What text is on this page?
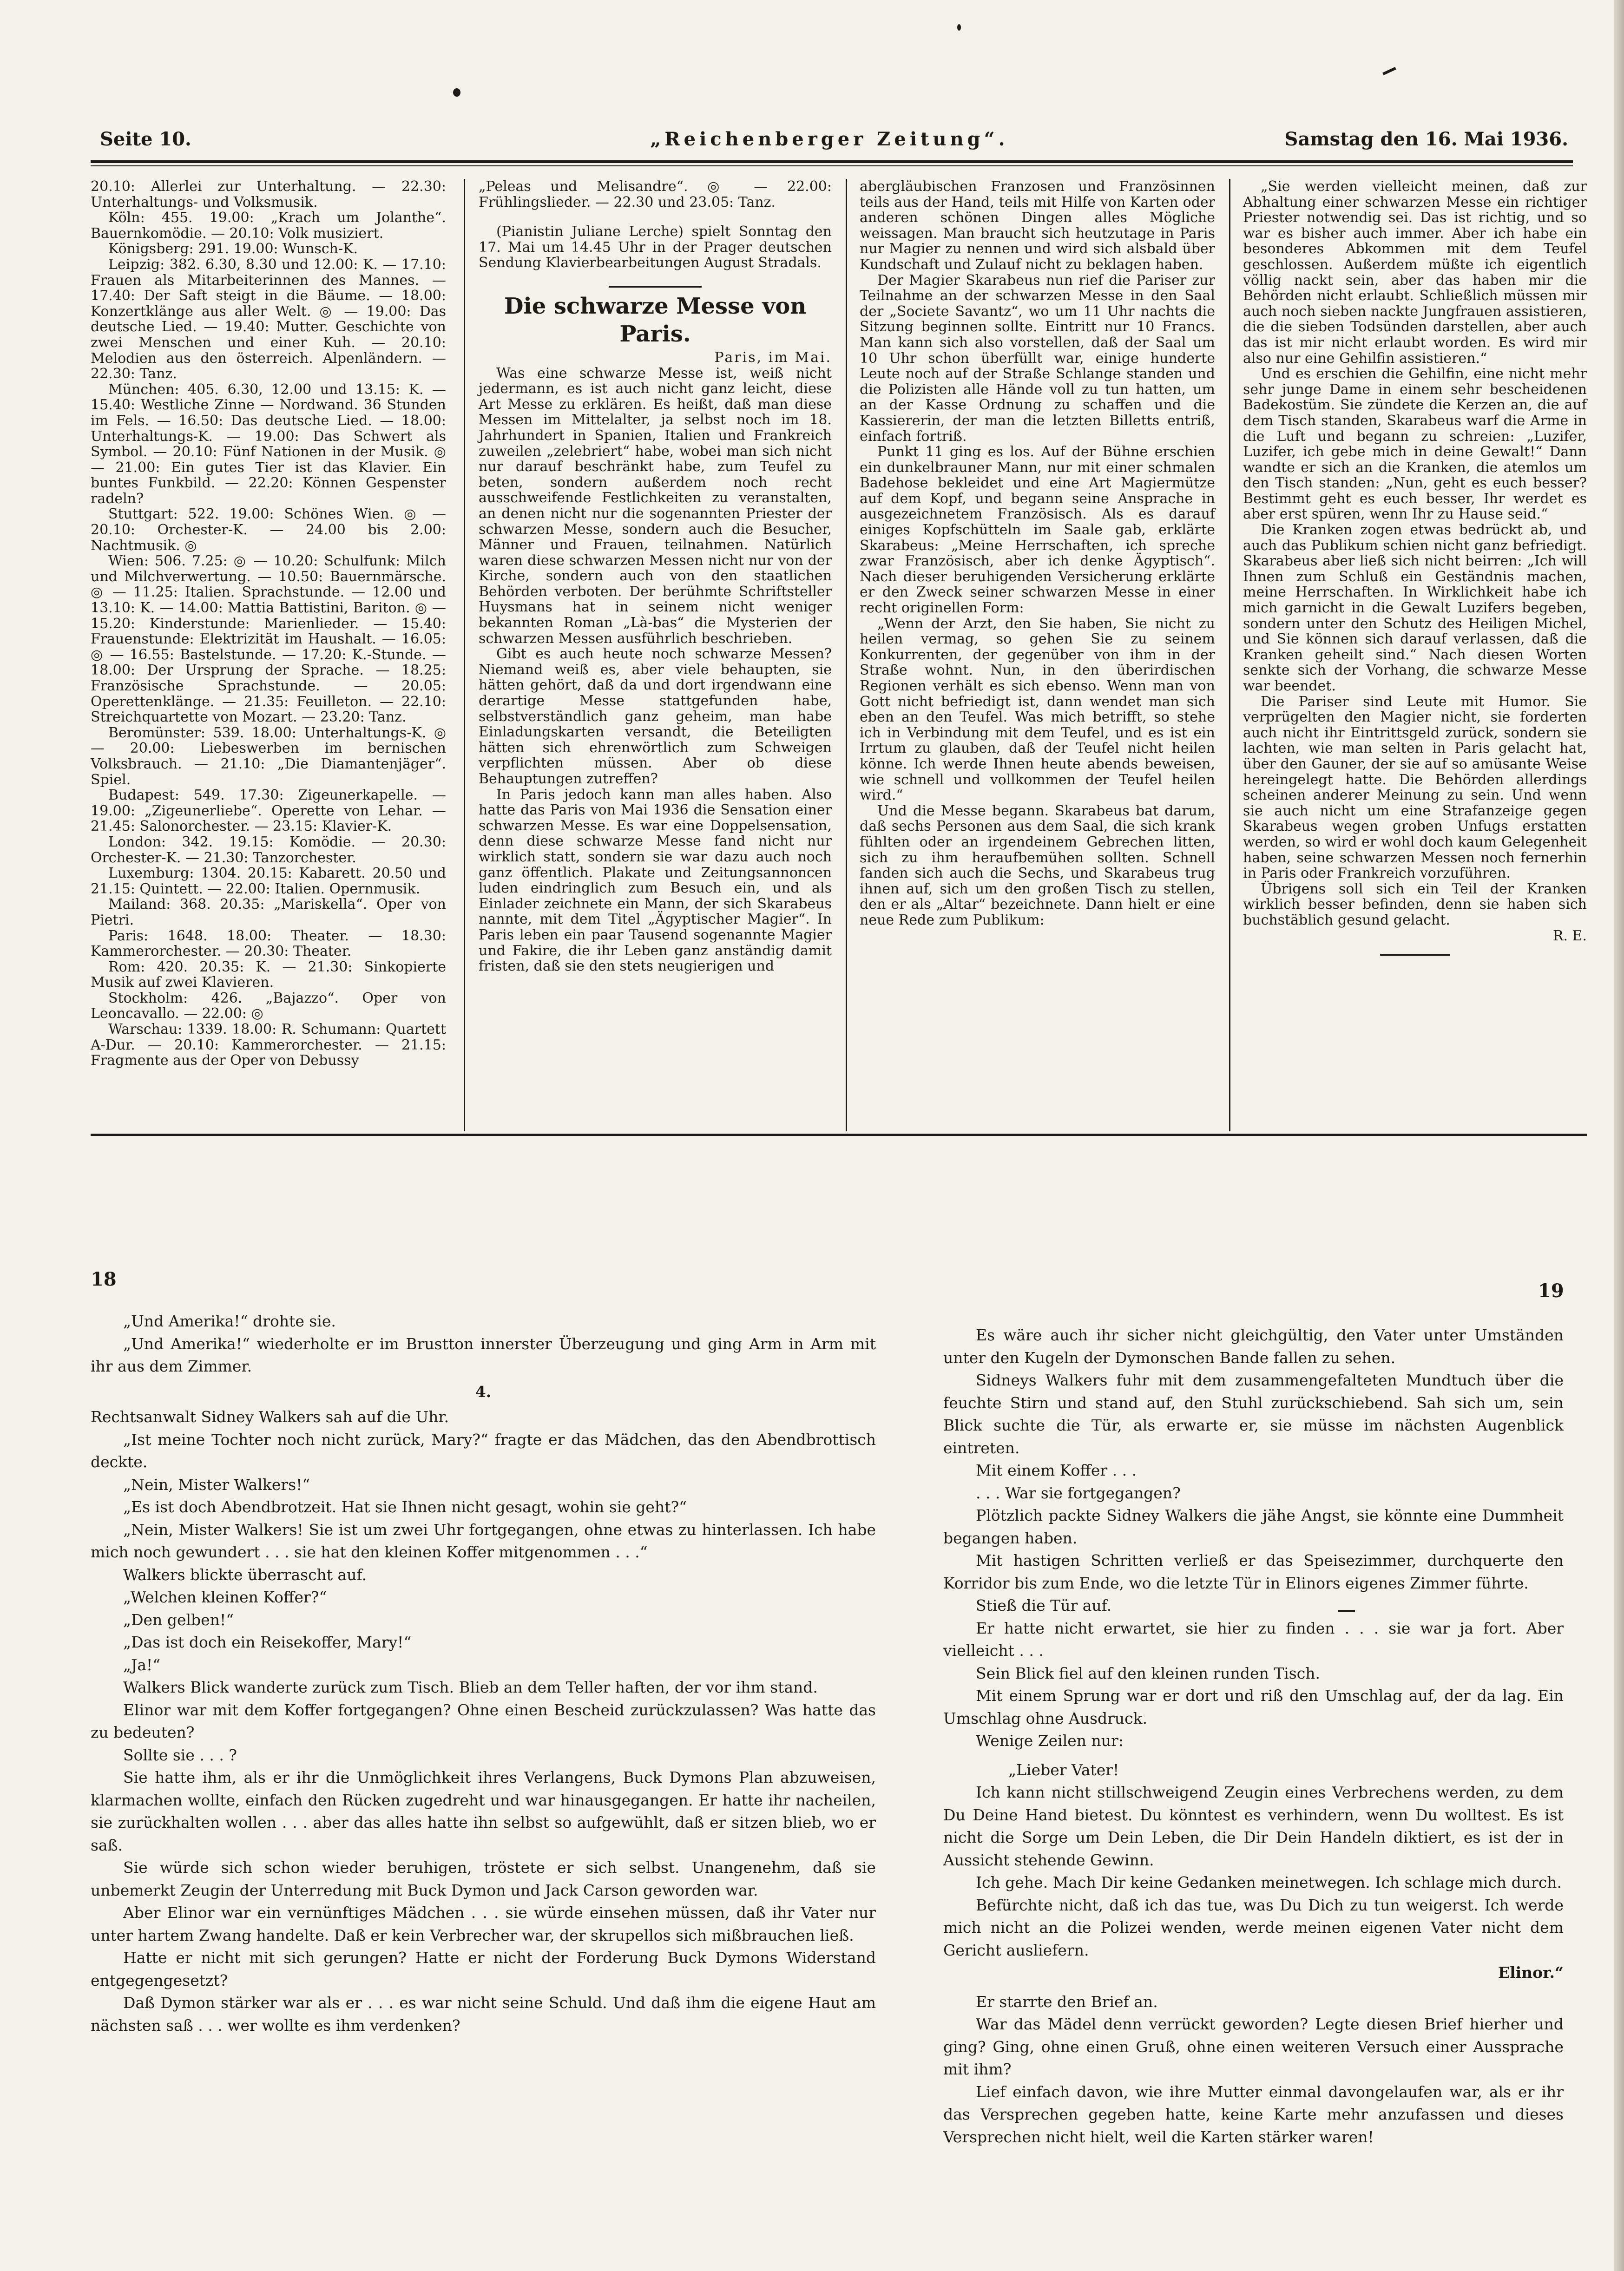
Seite 10.	„Reichenberger Zeitung“.	Samstag den 16. Mai 1936.

20.10: Allerlei zur Unterhaltung. — 22.30: Unterhaltungs- und Volksmusik.

Köln: 455. 19.00: „Krach um Jolanthe“. Bauernkomödie. — 20.10: Volk musiziert.

Königsberg: 291. 19.00: Wunsch-K.

Leipzig: 382. 6.30, 8.30 und 12.00: K. — 17.10: Frauen als Mitarbeiterinnen des Mannes. — 17.40: Der Saft steigt in die Bäume. — 18.00: Konzertklänge aus aller Welt. ◎ — 19.00: Das deutsche Lied. — 19.40: Mutter. Geschichte von zwei Menschen und einer Kuh. — 20.10: Melodien aus den österreich. Alpenländern. — 22.30: Tanz.

München: 405. 6.30, 12.00 und 13.15: K. — 15.40: Westliche Zinne — Nordwand. 36 Stunden im Fels. — 16.50: Das deutsche Lied. — 18.00: Unterhaltungs-K. — 19.00: Das Schwert als Symbol. — 20.10: Fünf Nationen in der Musik. ◎ — 21.00: Ein gutes Tier ist das Klavier. Ein buntes Funkbild. — 22.20: Können Gespenster radeln?

Stuttgart: 522. 19.00: Schönes Wien. ◎ — 20.10: Orchester-K. — 24.00 bis 2.00: Nachtmusik. ◎

Wien: 506. 7.25: ◎ — 10.20: Schulfunk: Milch und Milchverwertung. — 10.50: Bauernmärsche. ◎ — 11.25: Italien. Sprachstunde. — 12.00 und 13.10: K. — 14.00: Mattia Battistini, Bariton. ◎ — 15.20: Kinderstunde: Marienlieder. — 15.40: Frauenstunde: Elektrizität im Haushalt. — 16.05: ◎ — 16.55: Bastelstunde. — 17.20: K.-Stunde. — 18.00: Der Ursprung der Sprache. — 18.25: Französische Sprachstunde. — 20.05: Operettenklänge. — 21.35: Feuilleton. — 22.10: Streichquartette von Mozart. — 23.20: Tanz.

Beromünster: 539. 18.00: Unterhaltungs-K. ◎ — 20.00: Liebeswerben im bernischen Volksbrauch. — 21.10: „Die Diamantenjäger“. Spiel.

Budapest: 549. 17.30: Zigeunerkapelle. — 19.00: „Zigeunerliebe“. Operette von Lehar. — 21.45: Salonorchester. — 23.15: Klavier-K.

London: 342. 19.15: Komödie. — 20.30: Orchester-K. — 21.30: Tanzorchester.

Luxemburg: 1304. 20.15: Kabarett. 20.50 und 21.15: Quintett. — 22.00: Italien. Opernmusik.

Mailand: 368. 20.35: „Mariskella“. Oper von Pietri.

Paris: 1648. 18.00: Theater. — 18.30: Kammerorchester. — 20.30: Theater.

Rom: 420. 20.35: K. — 21.30: Sinkopierte Musik auf zwei Klavieren.

Stockholm: 426. „Bajazzo“. Oper von Leoncavallo. — 22.00: ◎

Warschau: 1339. 18.00: R. Schumann: Quartett A-Dur. — 20.10: Kammerorchester. — 21.15: Fragmente aus der Oper von Debussy

„Peleas und Melisandre“. ◎ — 22.00: Frühlingslieder. — 22.30 und 23.05: Tanz.

(Pianistin Juliane Lerche) spielt Sonntag den 17. Mai um 14.45 Uhr in der Prager deutschen Sendung Klavierbearbeitungen August Stradals.

Die schwarze Messe von Paris.

Paris, im Mai.

Was eine schwarze Messe ist, weiß nicht jedermann, es ist auch nicht ganz leicht, diese Art Messe zu erklären. Es heißt, daß man diese Messen im Mittelalter, ja selbst noch im 18. Jahrhundert in Spanien, Italien und Frankreich zuweilen „zelebriert“ habe, wobei man sich nicht nur darauf beschränkt habe, zum Teufel zu beten, sondern außerdem noch recht ausschweifende Festlichkeiten zu veranstalten, an denen nicht nur die sogenannten Priester der schwarzen Messe, sondern auch die Besucher, Männer und Frauen, teilnahmen. Natürlich waren diese schwarzen Messen nicht nur von der Kirche, sondern auch von den staatlichen Behörden verboten. Der berühmte Schriftsteller Huysmans hat in seinem nicht weniger bekannten Roman „Là-bas“ die Mysterien der schwarzen Messen ausführlich beschrieben.

Gibt es auch heute noch schwarze Messen? Niemand weiß es, aber viele behaupten, sie hätten gehört, daß da und dort irgendwann eine derartige Messe stattgefunden habe, selbstverständlich ganz geheim, man habe Einladungskarten versandt, die Beteiligten hätten sich ehrenwörtlich zum Schweigen verpflichten müssen. Aber ob diese Behauptungen zutreffen?

In Paris jedoch kann man alles haben. Also hatte das Paris von Mai 1936 die Sensation einer schwarzen Messe. Es war eine Doppelsensation, denn diese schwarze Messe fand nicht nur wirklich statt, sondern sie war dazu auch noch ganz öffentlich. Plakate und Zeitungsannoncen luden eindringlich zum Besuch ein, und als Einlader zeichnete ein Mann, der sich Skarabeus nannte, mit dem Titel „Ägyptischer Magier“. In Paris leben ein paar Tausend sogenannte Magier und Fakire, die ihr Leben ganz anständig damit fristen, daß sie den stets neugierigen und

abergläubischen Franzosen und Französinnen teils aus der Hand, teils mit Hilfe von Karten oder anderen schönen Dingen alles Mögliche weissagen. Man braucht sich heutzutage in Paris nur Magier zu nennen und wird sich alsbald über Kundschaft und Zulauf nicht zu beklagen haben.

Der Magier Skarabeus nun rief die Pariser zur Teilnahme an der schwarzen Messe in den Saal der „Societe Savantz“, wo um 11 Uhr nachts die Sitzung beginnen sollte. Eintritt nur 10 Francs. Man kann sich also vorstellen, daß der Saal um 10 Uhr schon überfüllt war, einige hunderte Leute noch auf der Straße Schlange standen und die Polizisten alle Hände voll zu tun hatten, um an der Kasse Ordnung zu schaffen und die Kassiererin, der man die letzten Billetts entriß, einfach fortriß.

Punkt 11 ging es los. Auf der Bühne erschien ein dunkelbrauner Mann, nur mit einer schmalen Badehose bekleidet und eine Art Magiermütze auf dem Kopf, und begann seine Ansprache in ausgezeichnetem Französisch. Als es darauf einiges Kopfschütteln im Saale gab, erklärte Skarabeus: „Meine Herrschaften, ich spreche zwar Französisch, aber ich denke Ägyptisch“. Nach dieser beruhigenden Versicherung erklärte er den Zweck seiner schwarzen Messe in einer recht originellen Form:

„Wenn der Arzt, den Sie haben, Sie nicht zu heilen vermag, so gehen Sie zu seinem Konkurrenten, der gegenüber von ihm in der Straße wohnt. Nun, in den überirdischen Regionen verhält es sich ebenso. Wenn man von Gott nicht befriedigt ist, dann wendet man sich eben an den Teufel. Was mich betrifft, so stehe ich in Verbindung mit dem Teufel, und es ist ein Irrtum zu glauben, daß der Teufel nicht heilen könne. Ich werde Ihnen heute abends beweisen, wie schnell und vollkommen der Teufel heilen wird.“

Und die Messe begann. Skarabeus bat darum, daß sechs Personen aus dem Saal, die sich krank fühlten oder an irgendeinem Gebrechen litten, sich zu ihm heraufbemühen sollten. Schnell fanden sich auch die Sechs, und Skarabeus trug ihnen auf, sich um den großen Tisch zu stellen, den er als „Altar“ bezeichnete. Dann hielt er eine neue Rede zum Publikum:

„Sie werden vielleicht meinen, daß zur Abhaltung einer schwarzen Messe ein richtiger Priester notwendig sei. Das ist richtig, und so war es bisher auch immer. Aber ich habe ein besonderes Abkommen mit dem Teufel geschlossen. Außerdem müßte ich eigentlich völlig nackt sein, aber das haben mir die Behörden nicht erlaubt. Schließlich müssen mir auch noch sieben nackte Jungfrauen assistieren, die die sieben Todsünden darstellen, aber auch das ist mir nicht erlaubt worden. Es wird mir also nur eine Gehilfin assistieren.“

Und es erschien die Gehilfin, eine nicht mehr sehr junge Dame in einem sehr bescheidenen Badekostüm. Sie zündete die Kerzen an, die auf dem Tisch standen, Skarabeus warf die Arme in die Luft und begann zu schreien: „Luzifer, Luzifer, ich gebe mich in deine Gewalt!“ Dann wandte er sich an die Kranken, die atemlos um den Tisch standen: „Nun, geht es euch besser? Bestimmt geht es euch besser, Ihr werdet es aber erst spüren, wenn Ihr zu Hause seid.“

Die Kranken zogen etwas bedrückt ab, und auch das Publikum schien nicht ganz befriedigt. Skarabeus aber ließ sich nicht beirren: „Ich will Ihnen zum Schluß ein Geständnis machen, meine Herrschaften. In Wirklichkeit habe ich mich garnicht in die Gewalt Luzifers begeben, sondern unter den Schutz des Heiligen Michel, und Sie können sich darauf verlassen, daß die Kranken geheilt sind.“ Nach diesen Worten senkte sich der Vorhang, die schwarze Messe war beendet.

Die Pariser sind Leute mit Humor. Sie verprügelten den Magier nicht, sie forderten auch nicht ihr Eintrittsgeld zurück, sondern sie lachten, wie man selten in Paris gelacht hat, über den Gauner, der sie auf so amüsante Weise hereingelegt hatte. Die Behörden allerdings scheinen anderer Meinung zu sein. Und wenn sie auch nicht um eine Strafanzeige gegen Skarabeus wegen groben Unfugs erstatten werden, so wird er wohl doch kaum Gelegenheit haben, seine schwarzen Messen noch fernerhin in Paris oder Frankreich vorzuführen.

Übrigens soll sich ein Teil der Kranken wirklich besser befinden, denn sie haben sich buchstäblich gesund gelacht.

R. E.

18

„Und Amerika!“ drohte sie.

„Und Amerika!“ wiederholte er im Brustton innerster Überzeugung und ging Arm in Arm mit ihr aus dem Zimmer.

4.

Rechtsanwalt Sidney Walkers sah auf die Uhr.

„Ist meine Tochter noch nicht zurück, Mary?“ fragte er das Mädchen, das den Abendbrottisch deckte.

„Nein, Mister Walkers!“

„Es ist doch Abendbrotzeit. Hat sie Ihnen nicht gesagt, wohin sie geht?“

„Nein, Mister Walkers! Sie ist um zwei Uhr fortgegangen, ohne etwas zu hinterlassen. Ich habe mich noch gewundert . . . sie hat den kleinen Koffer mitgenommen . . .“

Walkers blickte überrascht auf.

„Welchen kleinen Koffer?“

„Den gelben!“

„Das ist doch ein Reisekoffer, Mary!“

„Ja!“

Walkers Blick wanderte zurück zum Tisch. Blieb an dem Teller haften, der vor ihm stand.

Elinor war mit dem Koffer fortgegangen? Ohne einen Bescheid zurückzulassen? Was hatte das zu bedeuten?

Sollte sie . . . ?

Sie hatte ihm, als er ihr die Unmöglichkeit ihres Verlangens, Buck Dymons Plan abzuweisen, klarmachen wollte, einfach den Rücken zugedreht und war hinausgegangen. Er hatte ihr nacheilen, sie zurückhalten wollen . . . aber das alles hatte ihn selbst so aufgewühlt, daß er sitzen blieb, wo er saß.

Sie würde sich schon wieder beruhigen, tröstete er sich selbst. Unangenehm, daß sie unbemerkt Zeugin der Unterredung mit Buck Dymon und Jack Carson geworden war.

Aber Elinor war ein vernünftiges Mädchen . . . sie würde einsehen müssen, daß ihr Vater nur unter hartem Zwang handelte. Daß er kein Verbrecher war, der skrupellos sich mißbrauchen ließ.

Hatte er nicht mit sich gerungen? Hatte er nicht der Forderung Buck Dymons Widerstand entgegengesetzt?

Daß Dymon stärker war als er . . . es war nicht seine Schuld. Und daß ihm die eigene Haut am nächsten saß . . . wer wollte es ihm verdenken?

19

Es wäre auch ihr sicher nicht gleichgültig, den Vater unter Umständen unter den Kugeln der Dymonschen Bande fallen zu sehen.

Sidneys Walkers fuhr mit dem zusammengefalteten Mundtuch über die feuchte Stirn und stand auf, den Stuhl zurückschiebend. Sah sich um, sein Blick suchte die Tür, als erwarte er, sie müsse im nächsten Augenblick eintreten.

Mit einem Koffer . . .

. . . War sie fortgegangen?

Plötzlich packte Sidney Walkers die jähe Angst, sie könnte eine Dummheit begangen haben.

Mit hastigen Schritten verließ er das Speisezimmer, durchquerte den Korridor bis zum Ende, wo die letzte Tür in Elinors eigenes Zimmer führte.

Stieß die Tür auf.

Er hatte nicht erwartet, sie hier zu finden . . . sie war ja fort. Aber vielleicht . . .

Sein Blick fiel auf den kleinen runden Tisch.

Mit einem Sprung war er dort und riß den Umschlag auf, der da lag. Ein Umschlag ohne Ausdruck.

Wenige Zeilen nur:

„Lieber Vater!

Ich kann nicht stillschweigend Zeugin eines Verbrechens werden, zu dem Du Deine Hand bietest. Du könntest es verhindern, wenn Du wolltest. Es ist nicht die Sorge um Dein Leben, die Dir Dein Handeln diktiert, es ist der in Aussicht stehende Gewinn.

Ich gehe. Mach Dir keine Gedanken meinetwegen. Ich schlage mich durch.

Befürchte nicht, daß ich das tue, was Du Dich zu tun weigerst. Ich werde mich nicht an die Polizei wenden, werde meinen eigenen Vater nicht dem Gericht ausliefern.

Elinor.“

Er starrte den Brief an.

War das Mädel denn verrückt geworden? Legte diesen Brief hierher und ging? Ging, ohne einen Gruß, ohne einen weiteren Versuch einer Aussprache mit ihm?

Lief einfach davon, wie ihre Mutter einmal davongelaufen war, als er ihr das Versprechen gegeben hatte, keine Karte mehr anzufassen und dieses Versprechen nicht hielt, weil die Karten stärker waren!
